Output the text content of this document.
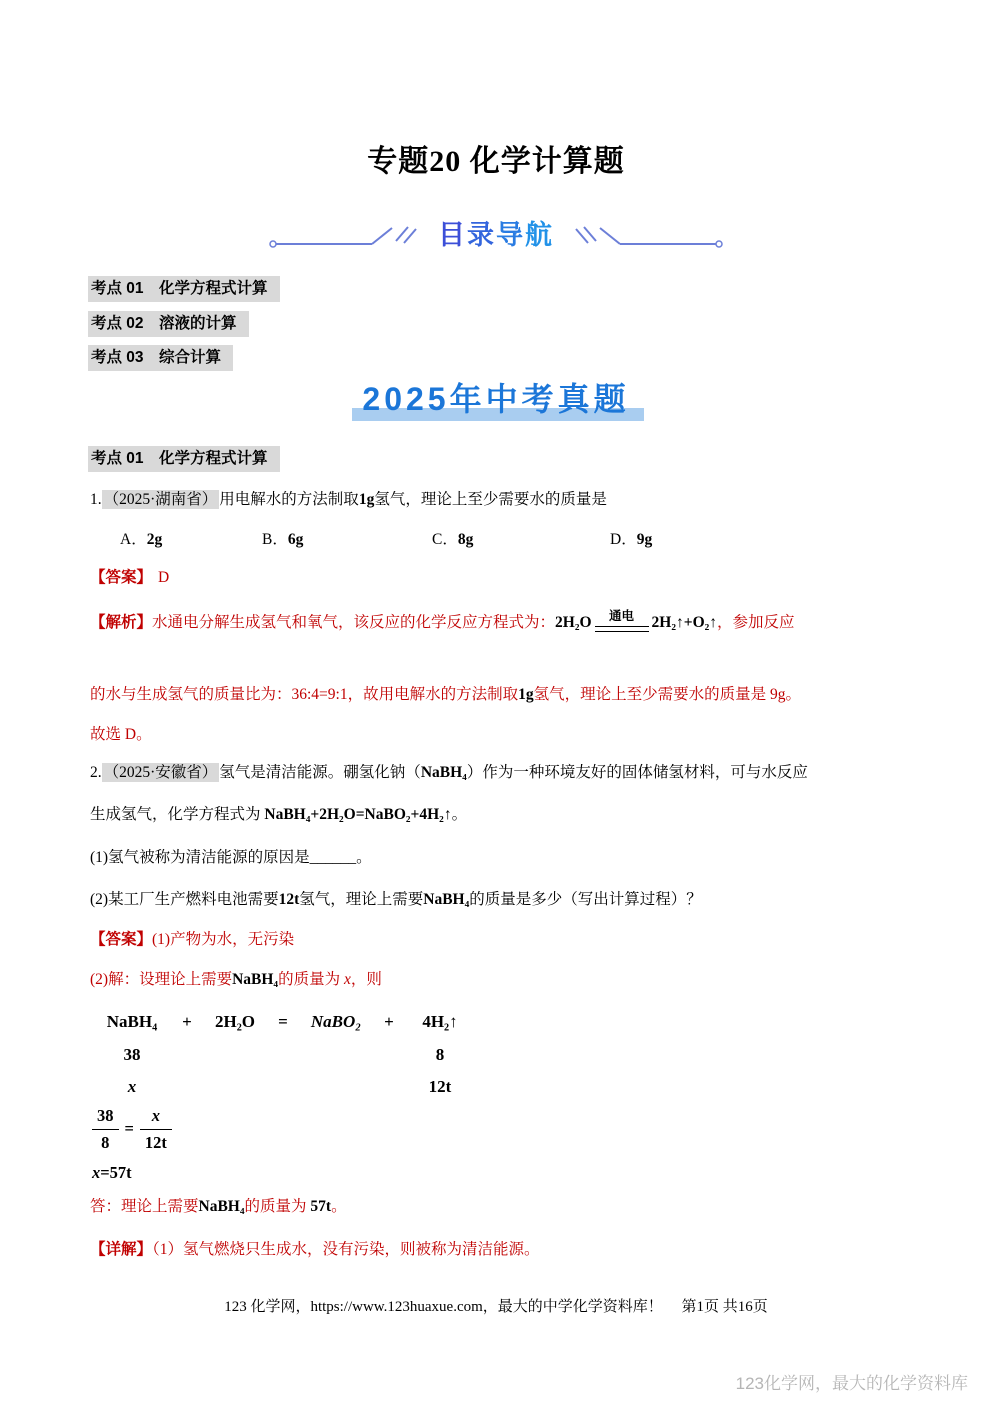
专题20 化学计算题
目录导航
考点 01　化学方程式计算
考点 02　溶液的计算
考点 03　综合计算
2025年中考真题
考点 01　化学方程式计算
1. （2025·湖南省） 用电解水的方法制取1g氢气，理论上至少需要水的质量是
A．2g	B．6g	C．8g	D．9g
【答案】 D
【解析】 水通电分解生成氢气和氧气，该反应的化学反应方程式为： 2H₂O 通电 2H₂↑+O₂↑ ，参加反应
的水与生成氢气的质量比为：36:4=9:1，故用电解水的方法制取1g氢气，理论上至少需要水的质量是 9g。
故选 D。
2. （2025·安徽省） 氢气是清洁能源。硼氢化钠（NaBH₄）作为一种环境友好的固体储氢材料，可与水反应
生成氢气，化学方程式为 NaBH₄+2H₂O=NaBO₂+4H₂↑。
(1)氢气被称为清洁能源的原因是______。
(2)某工厂生产燃料电池需要12t氢气，理论上需要NaBH₄的质量是多少（写出计算过程）？
【答案】(1)产物为水，无污染
(2)解：设理论上需要NaBH₄的质量为 x，则
NaBH₄	+	2H₂O	=	NaBO₂	+	4H₂↑
38	8
x	12t
$\frac{38}{8} = \frac{x}{12t}$
x=57t
答：理论上需要NaBH₄的质量为 57t。
【详解】（1）氢气燃烧只生成水，没有污染，则被称为清洁能源。
123 化学网，https://www.123huaxue.com，最大的中学化学资料库！　 第1页 共16页
123化学网，最大的化学资料库
